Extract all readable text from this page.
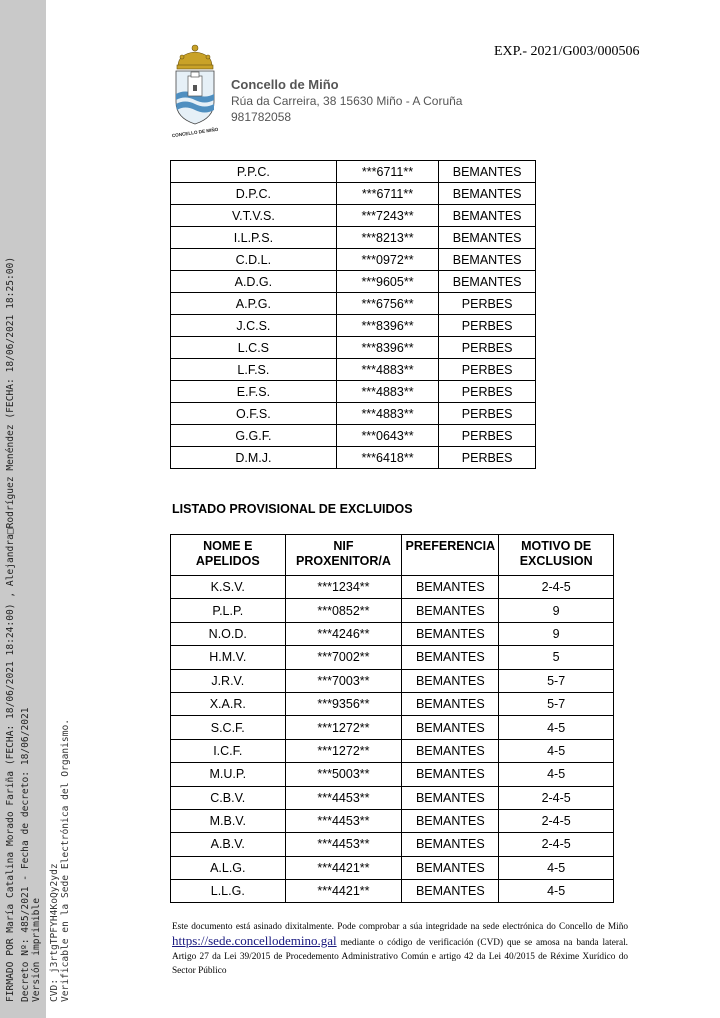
FIRMADO POR María Catalina Morado Fariña (FECHA: 18/06/2021 18:24:00) , Alejandra□Rodríguez Menéndez (FECHA: 18/06/2021 18:25:00) Decreto Nº: 485/2021 - Fecha de decreto: 18/06/2021 Versión imprimible CVD: j3rtgTPFYH4KoQy2ydz Verificable en la Sede Electrónica del Organismo.
EXP.- 2021/G003/000506
CONCELLO DE MIÑO
Concello de Miño
Rúa da Carreira, 38 15630 Miño - A Coruña
981782058
P.P.C.	***6711**	BEMANTES
D.P.C.	***6711**	BEMANTES
V.T.V.S.	***7243**	BEMANTES
I.L.P.S.	***8213**	BEMANTES
C.D.L.	***0972**	BEMANTES
A.D.G.	***9605**	BEMANTES
A.P.G.	***6756**	PERBES
J.C.S.	***8396**	PERBES
L.C.S	***8396**	PERBES
L.F.S.	***4883**	PERBES
E.F.S.	***4883**	PERBES
O.F.S.	***4883**	PERBES
G.G.F.	***0643**	PERBES
D.M.J.	***6418**	PERBES
LISTADO PROVISIONAL DE EXCLUIDOS
NOME E APELIDOS	NIF PROXENITOR/A	PREFERENCIA	MOTIVO DE EXCLUSION
K.S.V.	***1234**	BEMANTES	2-4-5
P.L.P.	***0852**	BEMANTES	9
N.O.D.	***4246**	BEMANTES	9
H.M.V.	***7002**	BEMANTES	5
J.R.V.	***7003**	BEMANTES	5-7
X.A.R.	***9356**	BEMANTES	5-7
S.C.F.	***1272**	BEMANTES	4-5
I.C.F.	***1272**	BEMANTES	4-5
M.U.P.	***5003**	BEMANTES	4-5
C.B.V.	***4453**	BEMANTES	2-4-5
M.B.V.	***4453**	BEMANTES	2-4-5
A.B.V.	***4453**	BEMANTES	2-4-5
A.L.G.	***4421**	BEMANTES	4-5
L.L.G.	***4421**	BEMANTES	4-5
Este documento está asinado dixitalmente. Pode comprobar a súa integridade na sede electrónica do Concello de Miño https://sede.concellodemino.gal mediante o código de verificación (CVD) que se amosa na banda lateral. Artigo 27 da Lei 39/2015 de Procedemento Administrativo Común e artigo 42 da Lei 40/2015 de Réxime Xurídico do Sector Público
